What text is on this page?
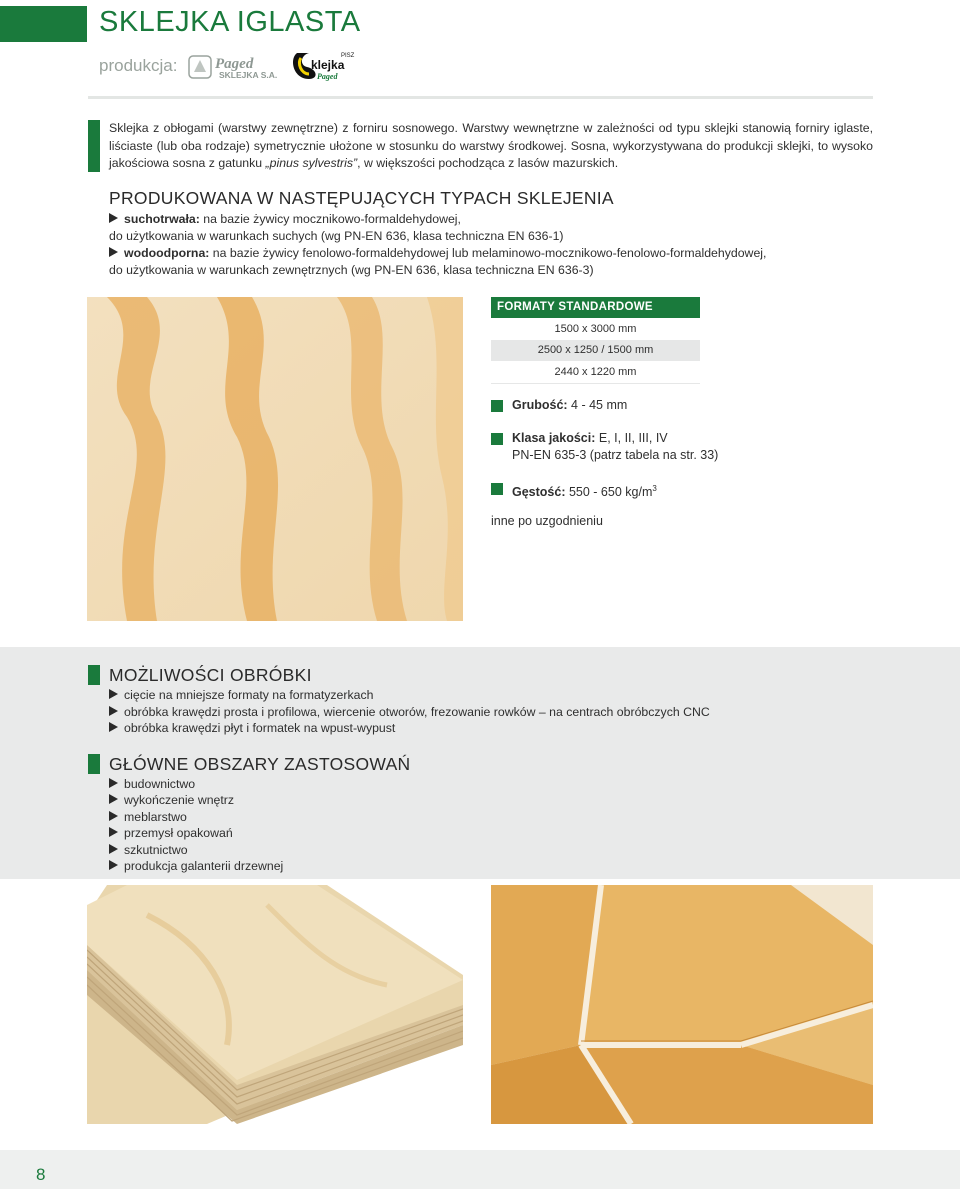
SKLEJKA IGLASTA
produkcja:	Paged
SKLEJKA S.A.
PISZ
klejka
Paged
Sklejka z obłogami (warstwy zewnętrzne) z forniru sosnowego. Warstwy wewnętrzne w zależności od typu sklejki stanowią forniry iglaste, liściaste (lub oba rodzaje) symetrycznie ułożone w stosunku do warstwy środkowej. Sosna, wykorzystywana do produkcji sklejki, to wysoko jakościowa sosna z gatunku „pinus sylvestris”, w większości pochodząca z lasów mazurskich.
PRODUKOWANA W NASTĘPUJĄCYCH TYPACH SKLEJENIA
suchotrwała: na bazie żywicy mocznikowo-formaldehydowej,
do użytkowania w warunkach suchych (wg PN-EN 636, klasa techniczna EN 636-1)
wodoodporna: na bazie żywicy fenolowo-formaldehydowej lub melaminowo-mocznikowo-fenolowo-formaldehydowej,
do użytkowania w warunkach zewnętrznych (wg PN-EN 636, klasa techniczna EN 636-3)
FORMATY STANDARDOWE
1500 x 3000 mm
2500 x 1250 / 1500 mm
2440 x 1220 mm
Grubość: 4 - 45 mm
Klasa jakości: E, I, II, III, IV
PN-EN 635-3 (patrz tabela na str. 33)
Gęstość: 550 - 650 $kg/m^3$
inne po uzgodnieniu
MOŻLIWOŚCI OBRÓBKI
cięcie na mniejsze formaty na formatyzerkach
obróbka krawędzi prosta i profilowa, wiercenie otworów, frezowanie rowków – na centrach obróbczych CNC
obróbka krawędzi płyt i formatek na wpust-wypust
GŁÓWNE OBSZARY ZASTOSOWAŃ
budownictwo
wykończenie wnętrz
meblarstwo
przemysł opakowań
szkutnictwo
produkcja galanterii drzewnej
8
